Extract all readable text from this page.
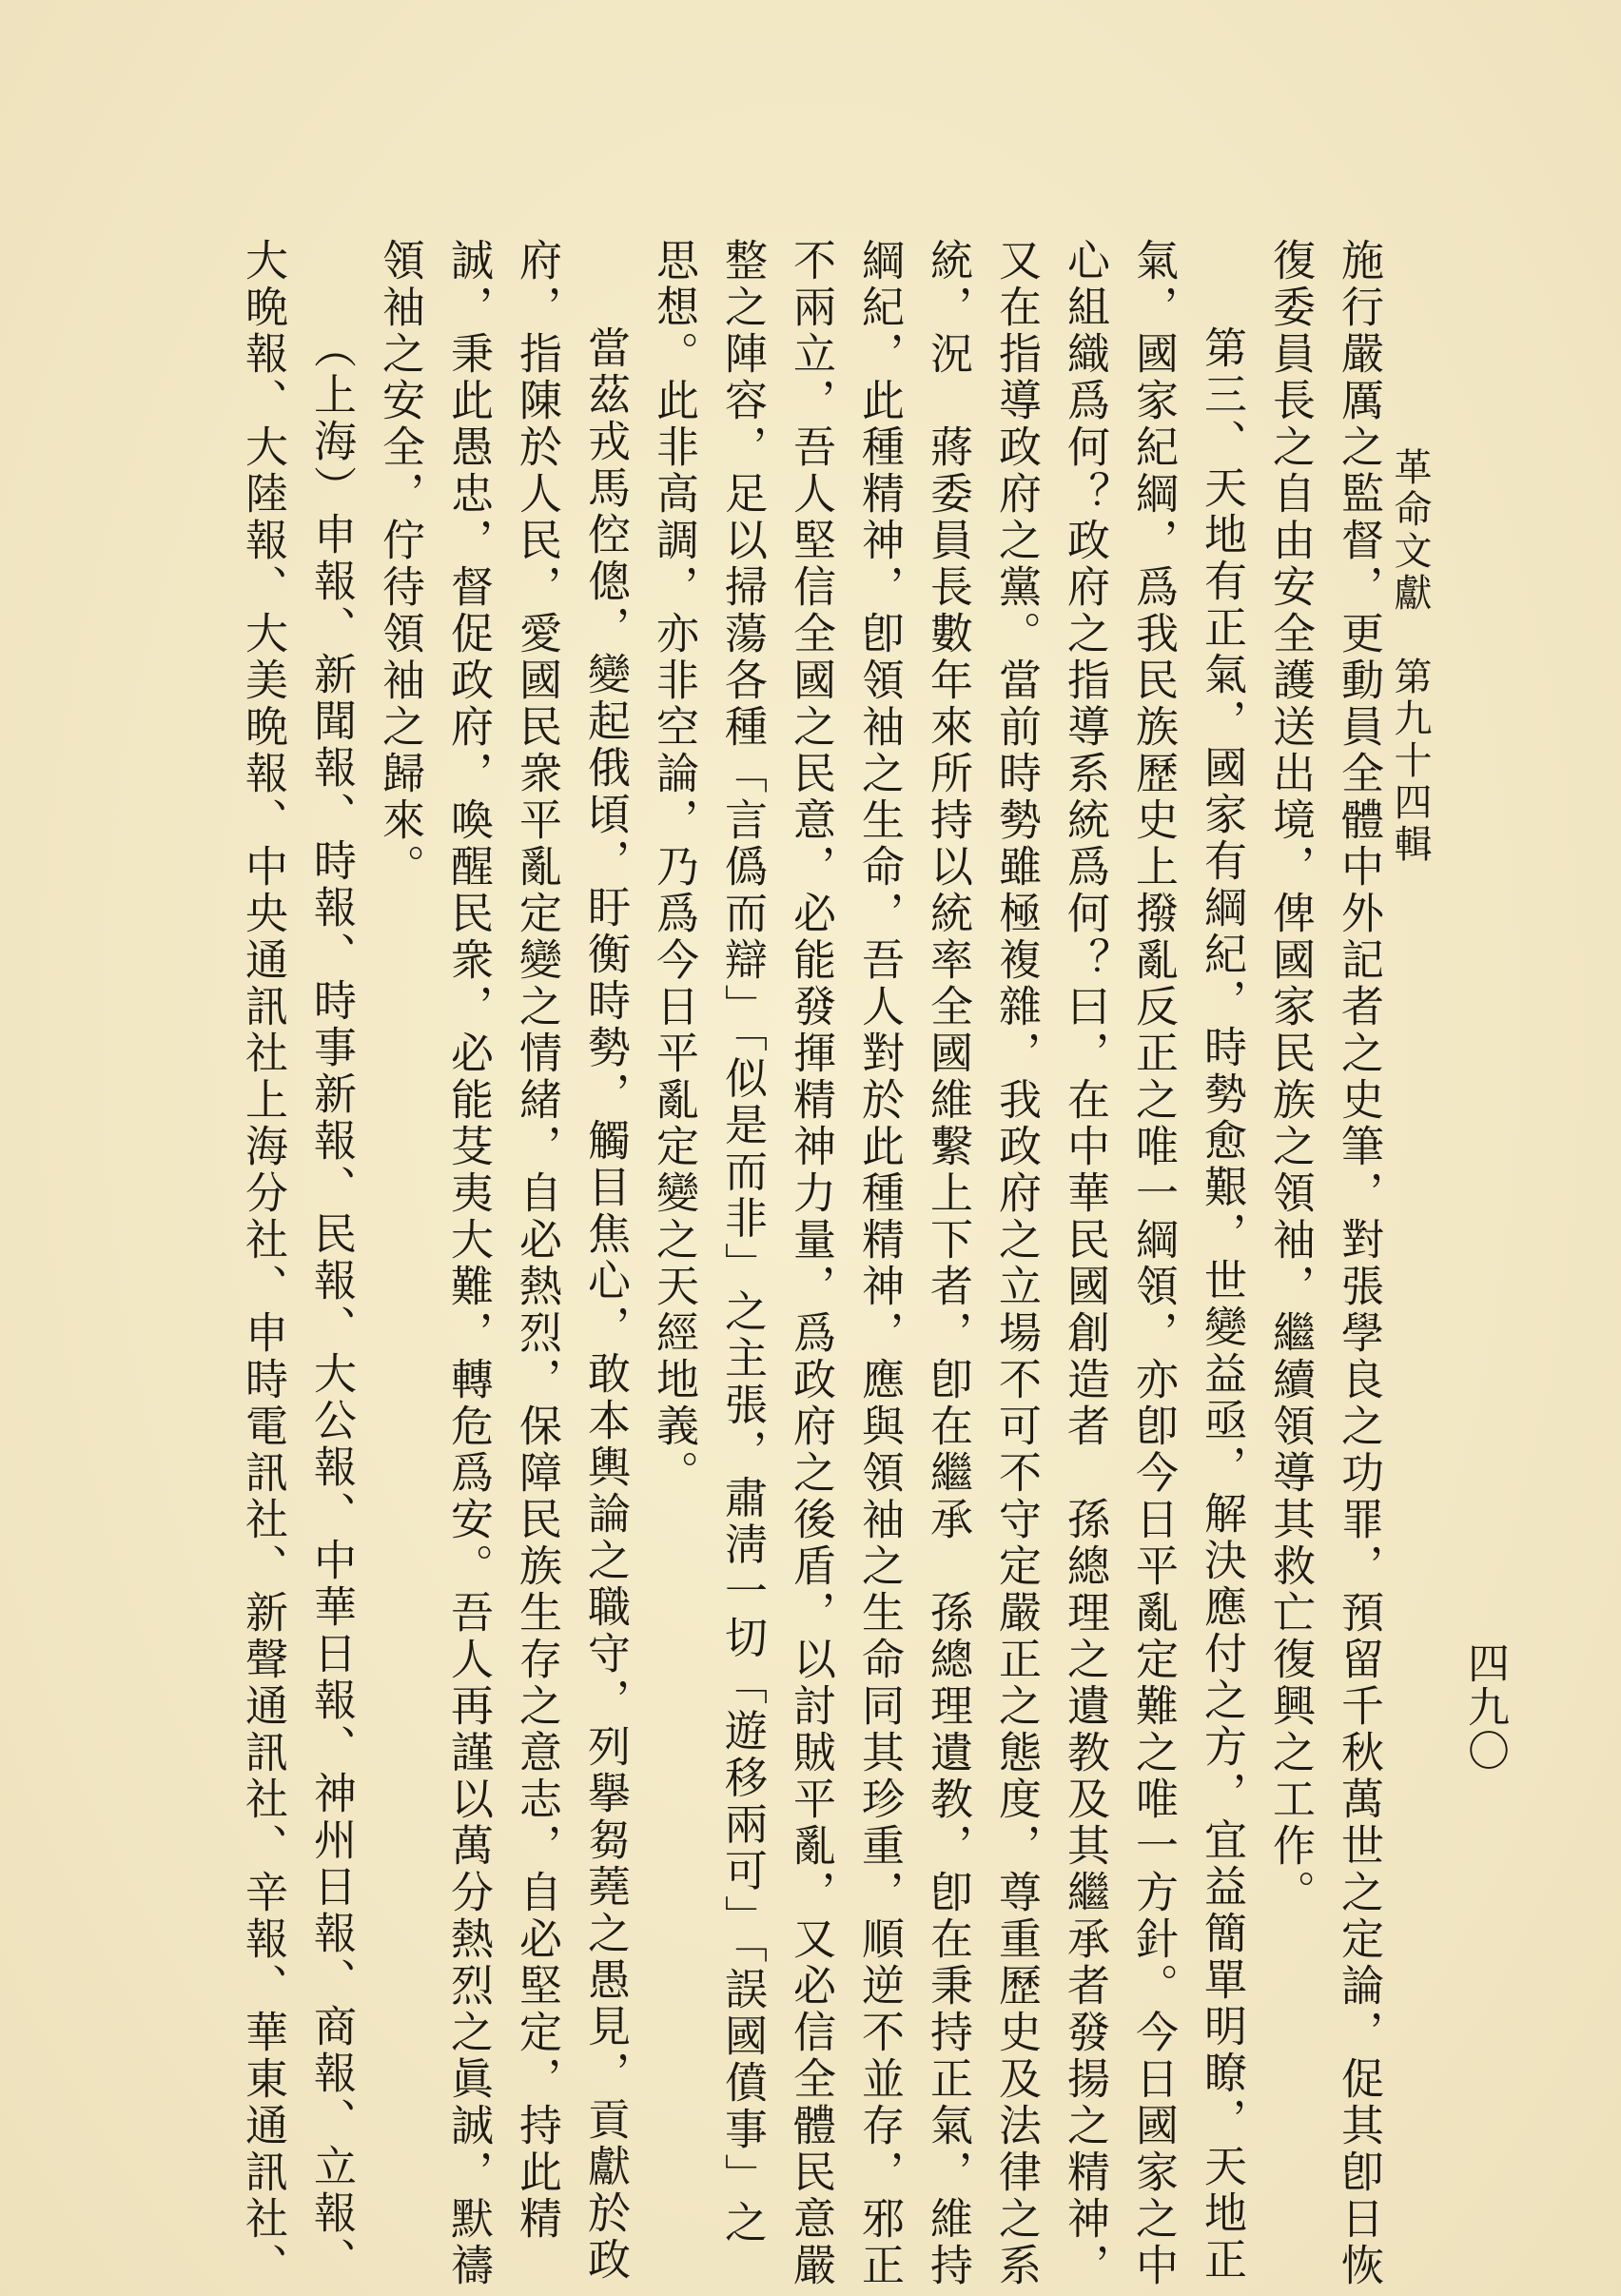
革命文獻　第九十四輯
四九〇
施行嚴厲之監督，更動員全體中外記者之史筆，對張學良之功罪，預留千秋萬世之定論，促其卽日恢
復委員長之自由安全護送出境，俾國家民族之領袖，繼續領導其救亡復興之工作。
第三、天地有正氣，國家有綱紀，時勢愈艱，世變益亟，解決應付之方，宜益簡單明瞭，天地正
氣，國家紀綱，爲我民族歷史上撥亂反正之唯一綱領，亦卽今日平亂定難之唯一方針。今日國家之中
心組織爲何？政府之指導系統爲何？曰，在中華民國創造者　孫總理之遺教及其繼承者發揚之精神，
又在指導政府之黨。當前時勢雖極複雜，我政府之立場不可不守定嚴正之態度，尊重歷史及法律之系
統，況　蔣委員長數年來所持以統率全國維繫上下者，卽在繼承　孫總理遺教，卽在秉持正氣，維持
綱紀，此種精神，卽領袖之生命，吾人對於此種精神，應與領袖之生命同其珍重，順逆不並存，邪正
不兩立，吾人堅信全國之民意，必能發揮精神力量，爲政府之後盾，以討賊平亂，又必信全體民意嚴
整之陣容，足以掃蕩各種「言僞而辯」「似是而非」之主張，肅淸一切「遊移兩可」「誤國僨事」之
思想。此非高調，亦非空論，乃爲今日平亂定變之天經地義。
當茲戎馬倥傯，變起俄頃，盱衡時勢，觸目焦心，敢本輿論之職守，列擧芻蕘之愚見，貢獻於政
府，指陳於人民，愛國民衆平亂定變之情緒，自必熱烈，保障民族生存之意志，自必堅定，持此精
誠，秉此愚忠，督促政府，喚醒民衆，必能芟夷大難，轉危爲安。吾人再謹以萬分熱烈之眞誠，默禱
領袖之安全，佇待領袖之歸來。
（上海）申報、新聞報、時報、時事新報、民報、大公報、中華日報、神州日報、商報、立報、
大晩報、大陸報、大美晩報、中央通訊社上海分社、申時電訊社、新聲通訊社、辛報、華東通訊社、
